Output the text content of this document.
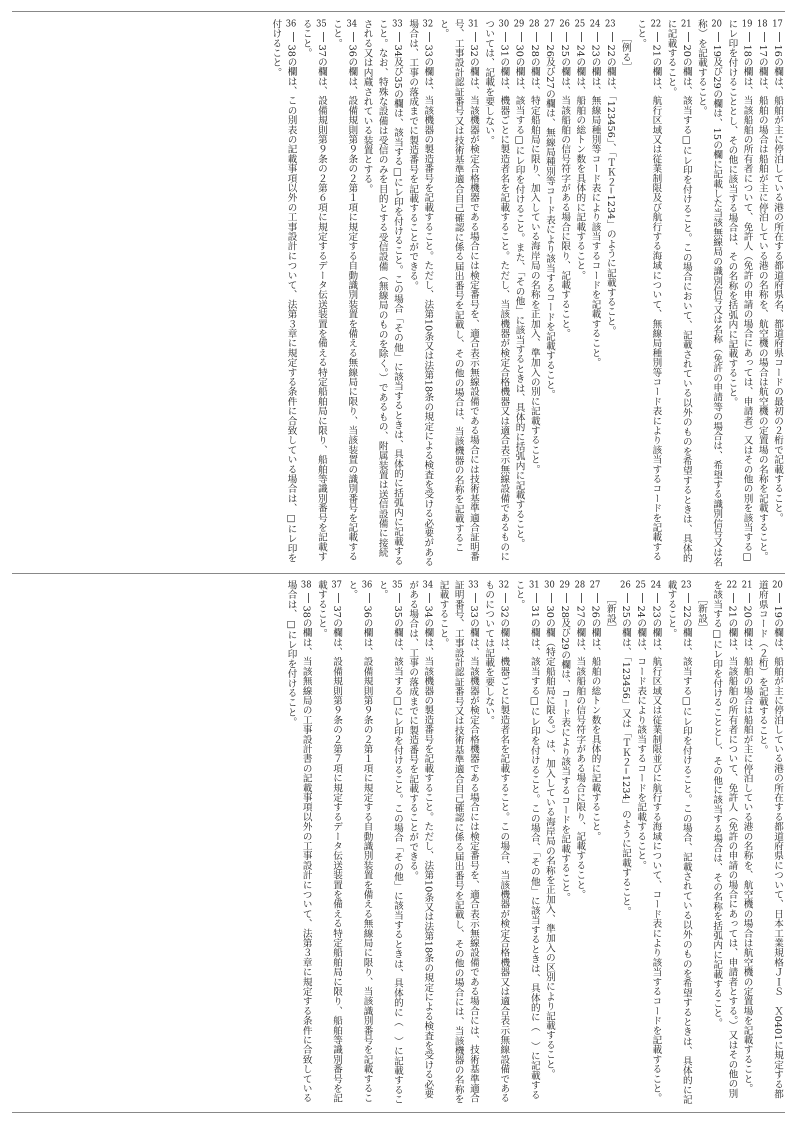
1716の欄は、船舶が主に停泊している港の所在する都道府県名、都道府県コードの最初の２桁で記載すること。

1817の欄は、船舶の場合は船舶が主に停泊している港の名称を、航空機の場合は航空機の定置場の名称を記載すること。

1918の欄は、当該船舶の所有者について、免許人（免許の申請の場合にあっては、申請者）又はその他の別を該当する□にレ印を付けることとし、その他に該当する場合は、その名称を括弧内に記載すること。

2019及び29の欄は、15の欄に記載した当該無線局の識別信号又は名称（免許の申請等の場合は、希望する識別信号又は名称）を記載すること。

2120の欄は、該当する□にレ印を付けること。この場合において、記載されている以外のものを希望するときは、具体的に記載すること。

2221の欄は、航行区域又は従業制限及び航行する海域について、無線局種別等コード表により該当するコードを記載すること。

［例る］

2322の欄は、「123456」、「ＴＫ２−1234」のように記載すること。

2423の欄は、無線局種別等コード表により該当するコードを記載すること。

2524の欄は、船舶の総トン数を具体的に記載すること。

2625の欄は、当該船舶の信号符字がある場合に限り、記載すること。

2726及び27の欄は、無線局種別等コード表により該当するコードを記載すること。

2828の欄は、特定船舶局に限り、加入している海岸局の名称を正加入、準加入の別に記載すること。

2930の欄は、該当する□にレ印を付けること。また、「その他」に該当するときは、具体的に括弧内に記載すること。

3031の欄は、機器ごとに製造者名を記載すること。ただし、当該機器が検定合格機器又は適合表示無線設備であるものについては、記載を要しない。

3132の欄は、当該機器が検定合格機器である場合には検定番号を、適合表示無線設備である場合には技術基準適合証明番号、工事設計認証番号又は技術基準適合自己確認に係る届出番号を記載し、その他の場合は、当該機器の名称を記載すること。

3233の欄は、当該機器の製造番号を記載すること。ただし、法第10条又は法第18条の規定による検査を受ける必要がある場合は、工事の落成までに製造番号を記載することができる。

3334及び35の欄は、該当する□にレ印を付けること。この場合「その他」に該当するときは、具体的に括弧内に記載すること。なお、特殊な設備は受信のみを目的とする受信設備（無線局のものを除く。）であるもの、附属装置は送信設備に接続される又は内蔵されている装置とする。

3436の欄は、設備規則第９条の２第１項に規定する自動識別装置を備える無線局に限り、当該装置の識別番号を記載すること。

3537の欄は、設備規則第９条の２第６項に規定するデータ伝送装置を備える特定船舶局に限り、船舶等識別番号を記載すること。

3638の欄は、この別表の記載事項以外の工事設計について、法第３章に規定する条件に合致している場合は、□にレ印を付けること。

2019の欄は、船舶が主に停泊している港の所在する都道府県について、日本工業規格ＪＩＳ　Ｘ0401に規定する都道府県コード（２桁）を記載すること。

2120の欄は、船舶の場合は船舶が主に停泊している港の名称を、航空機の場合は航空機の定置場を記載すること。

2221の欄は、当該船舶の所有者について、免許人（免許の申請の場合にあっては、申請者とする。）又はその他の別を該当する□にレ印を付けることとし、その他に該当する場合は、その名称を括弧内に記載すること。

［新設］

2322の欄は、該当する□にレ印を付けること。この場合、記載されている以外のものを希望するときは、具体的に記載すること。

2423の欄は、航行区域又は従業制限並びに航行する海域について、コード表により該当するコードを記載すること。

2524の欄は、コード表により該当するコードを記載すること。

2625の欄は、「123456」又は「ＴＫ２−1234」のように記載すること。

［新設］

2726の欄は、船舶の総トン数を具体的に記載すること。

2827の欄は、当該船舶の信号符字がある場合に限り、記載すること。

2928及び29の欄は、コード表により該当するコードを記載すること。

3030の欄（特定船舶局に限る。）は、加入している海岸局の名称を正加入、準加入の区別により記載すること。

3131の欄は、該当する□にレ印を付けること。この場合、「その他」に該当するときは、具体的に（　）に記載すること。

3232の欄は、機器ごとに製造者名を記載すること。この場合、当該機器が検定合格機器又は適合表示無線設備であるものについては記載を要しない。

3333の欄は、当該機器が検定合格機器である場合には検定番号を、適合表示無線設備である場合には、技術基準適合証明番号、工事設計認証番号又は技術基準適合自己確認に係る届出番号を記載し、その他の場合には、当該機器の名称を記載すること。

3434の欄は、当該機器の製造番号を記載すること。ただし、法第10条又は法第18条の規定による検査を受ける必要がある場合は、工事の落成までに製造番号を記載することができる。

3535の欄は、該当する□にレ印を付けること。この場合「その他」に該当するときは、具体的に（　）に記載すること。

3636の欄は、設備規則第９条の２第１項に規定する自動識別装置を備える無線局に限り、当該識別番号を記載すること。

3737の欄は、設備規則第９条の２第７項に規定するデータ伝送装置を備える特定船舶局に限り、船舶等識別番号を記載すること。

3838の欄は、当該無線局の工事設計書の記載事項以外の工事設計について、法第３章に規定する条件に合致している場合は、□にレ印を付けること。
